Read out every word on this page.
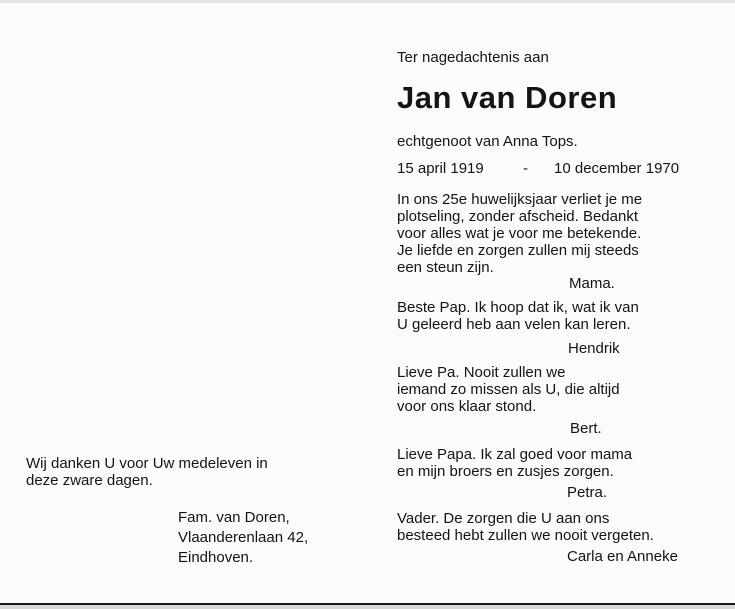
Ter nagedachtenis aan
Jan van Doren
echtgenoot van Anna Tops.
15 april 1919	- 10 december 1970
In ons 25e huwelijksjaar verliet je me
plotseling, zonder afscheid. Bedankt
voor alles wat je voor me betekende.
Je liefde en zorgen zullen mij steeds
een steun zijn.
Mama.
Beste Pap. Ik hoop dat ik, wat ik van
U geleerd heb aan velen kan leren.
Hendrik
Lieve Pa. Nooit zullen we
iemand zo missen als U, die altijd
voor ons klaar stond.
Bert.
Lieve Papa. Ik zal goed voor mama
en mijn broers en zusjes zorgen.
Petra.
Vader. De zorgen die U aan ons
besteed hebt zullen we nooit vergeten.
Carla en Anneke
Wij danken U voor Uw medeleven in
deze zware dagen.
Fam. van Doren,
Vlaanderenlaan 42,
Eindhoven.
